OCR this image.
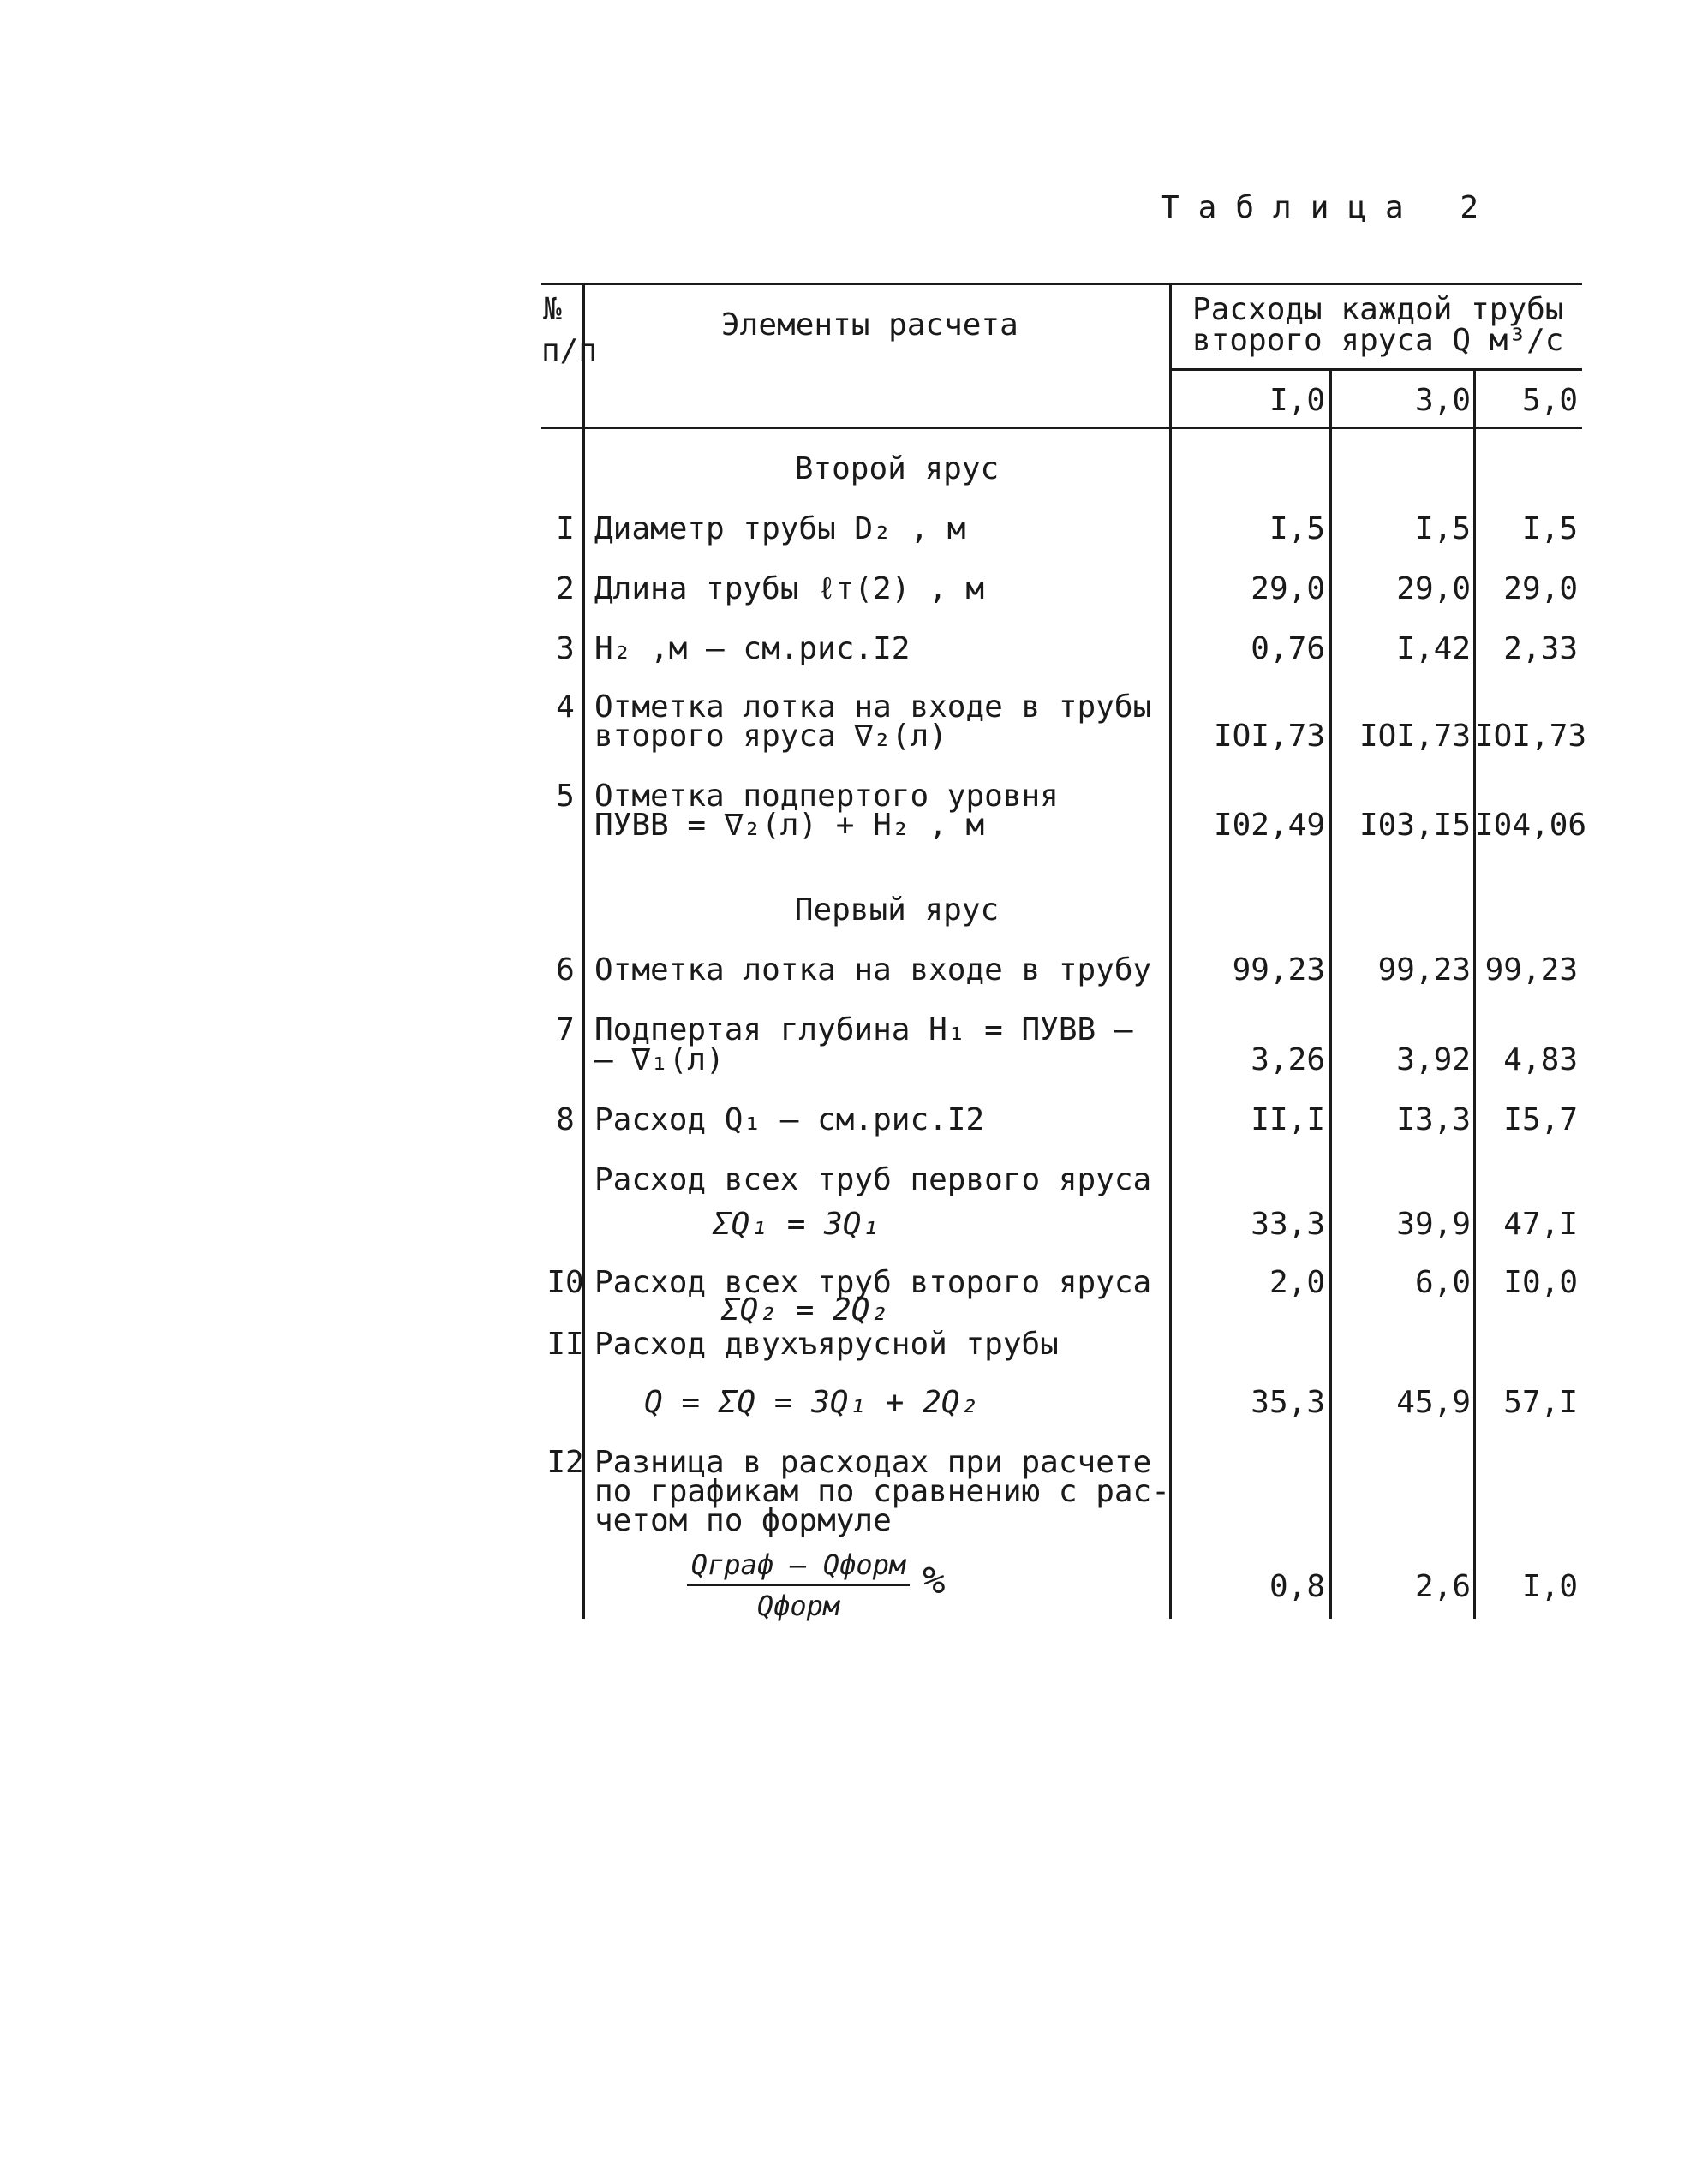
Таблица 2
№
п/п
Элементы расчета	Расходы каждой трубы
второго яруса Q м³/с
I,0	3,0	5,0
Второй ярус
I Диаметр трубы D₂ , м	I,5	I,5	I,5
2 Длина трубы ℓт(2) , м	29,0	29,0	29,0
3 H₂ ,м – см.рис.I2	0,76	I,42	2,33
4 Отметка лотка на входе в трубы
второго яруса ∇₂(л)	IOI,73	IOI,73 IOI,73
5 Отметка подпертого уровня
ПУВВ = ∇₂(л) + H₂ , м	I02,49	I03,I5 I04,06
Первый ярус
6 Отметка лотка на входе в трубу	99,23	99,23 99,23
7 Подпертая глубина H₁ = ПУВВ –
– ∇₁(л)	3,26	3,92	4,83
8 Расход Q₁ – см.рис.I2	II,I	I3,3	I5,7
Расход всех труб первого яруса
ΣQ₁ = 3Q₁	33,3	39,9	47,I
I0 Расход всех труб второго яруса
ΣQ₂ = 2Q₂
2,0	6,0	I0,0
II Расход двухъярусной трубы
Q = ΣQ = 3Q₁ + 2Q₂	35,3	45,9	57,I
I2 Разница в расходах при расчете
по графикам по сравнению с рас-
четом по формуле
Qграф – Qформ
Qформ
%	0,8	2,6	I,0
